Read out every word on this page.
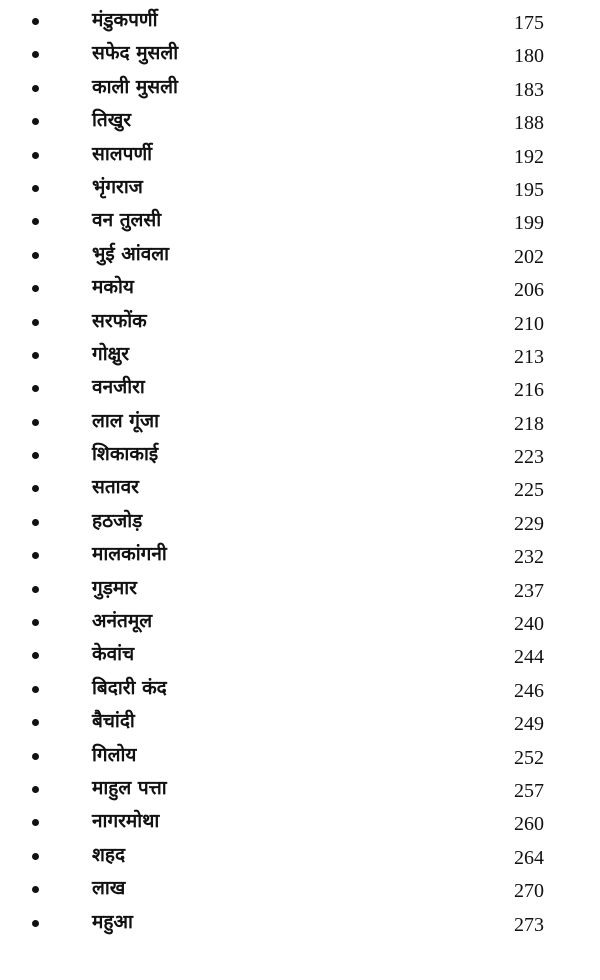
मंडुकपर्णी	175
सफेद मुसली	180
काली मुसली	183
तिखुर	188
सालपर्णी	192
भृंगराज	195
वन तुलसी	199
भुई आंवला	202
मकोय	206
सरफोंक	210
गोक्षुर	213
वनजीरा	216
लाल गूंजा	218
शिकाकाई	223
सतावर	225
हठजोड़	229
मालकांगनी	232
गुड़मार	237
अनंतमूल	240
केवांच	244
बिदारी कंद	246
बैचांदी	249
गिलोय	252
माहुल पत्ता	257
नागरमोथा	260
शहद	264
लाख	270
महुआ	273
